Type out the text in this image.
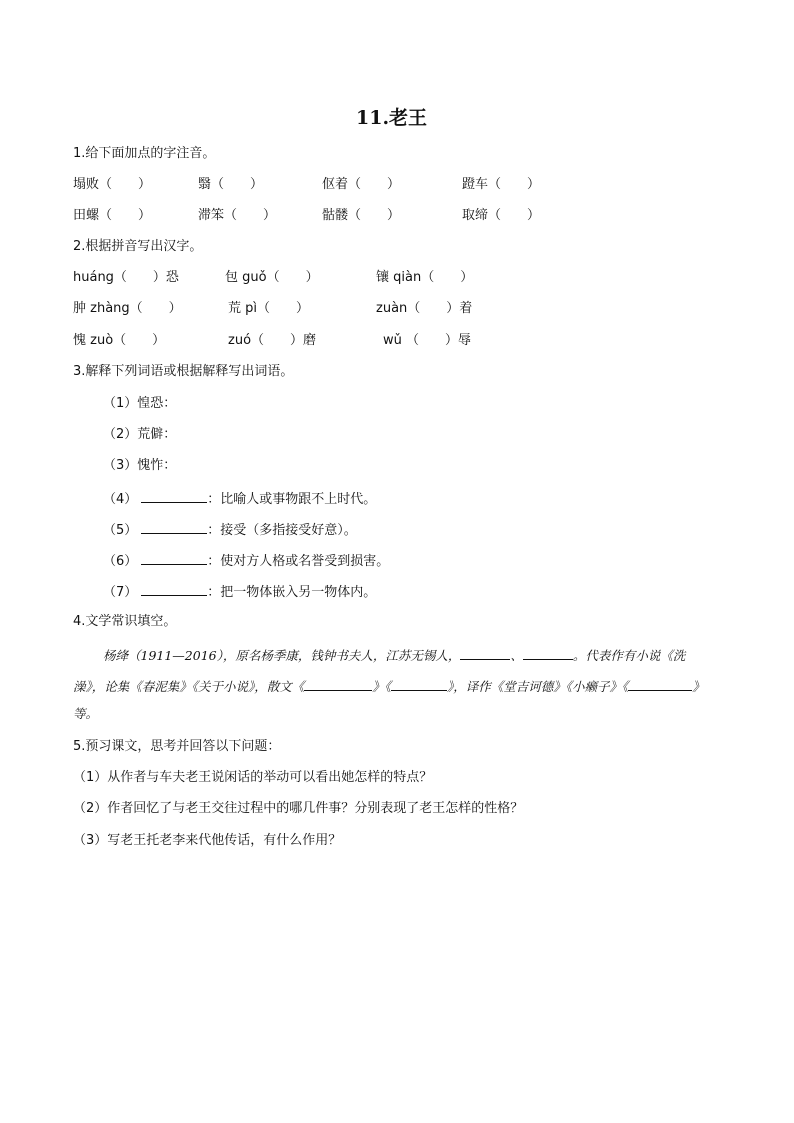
11.老王
1.给下面加点的字注音。
塌败（　　）	翳（　　）	伛着（　　）	蹬车（　　）
田螺（　　）	滞笨（　　）	骷髅（　　）	取缔（　　）
2.根据拼音写出汉字。
huáng（　　）恐	包 guǒ（　　）	镶 qiàn（　　）
肿 zhàng（　　）	荒 pì（　　）	zuàn（　　）着
愧 zuò（　　）	zuó（　　）磨	wǔ （　　）辱
3.解释下列词语或根据解释写出词语。
（1）惶恐：
（2）荒僻：
（3）愧怍：
（4）	：比喻人或事物跟不上时代。
（5）	：接受（多指接受好意）。
（6）	：使对方人格或名誉受到损害。
（7）	：把一物体嵌入另一物体内。
4.文学常识填空。
杨绛（1911—2016），原名杨季康，钱钟书夫人，江苏无锡人，	、	。代表作有小说《洗
澡》，论集《春泥集》《关于小说》，散文《	》《	》，译作《堂吉诃德》《小癞子》《	》
等。
5.预习课文，思考并回答以下问题：
（1）从作者与车夫老王说闲话的举动可以看出她怎样的特点？
（2）作者回忆了与老王交往过程中的哪几件事？分别表现了老王怎样的性格？
（3）写老王托老李来代他传话，有什么作用？
